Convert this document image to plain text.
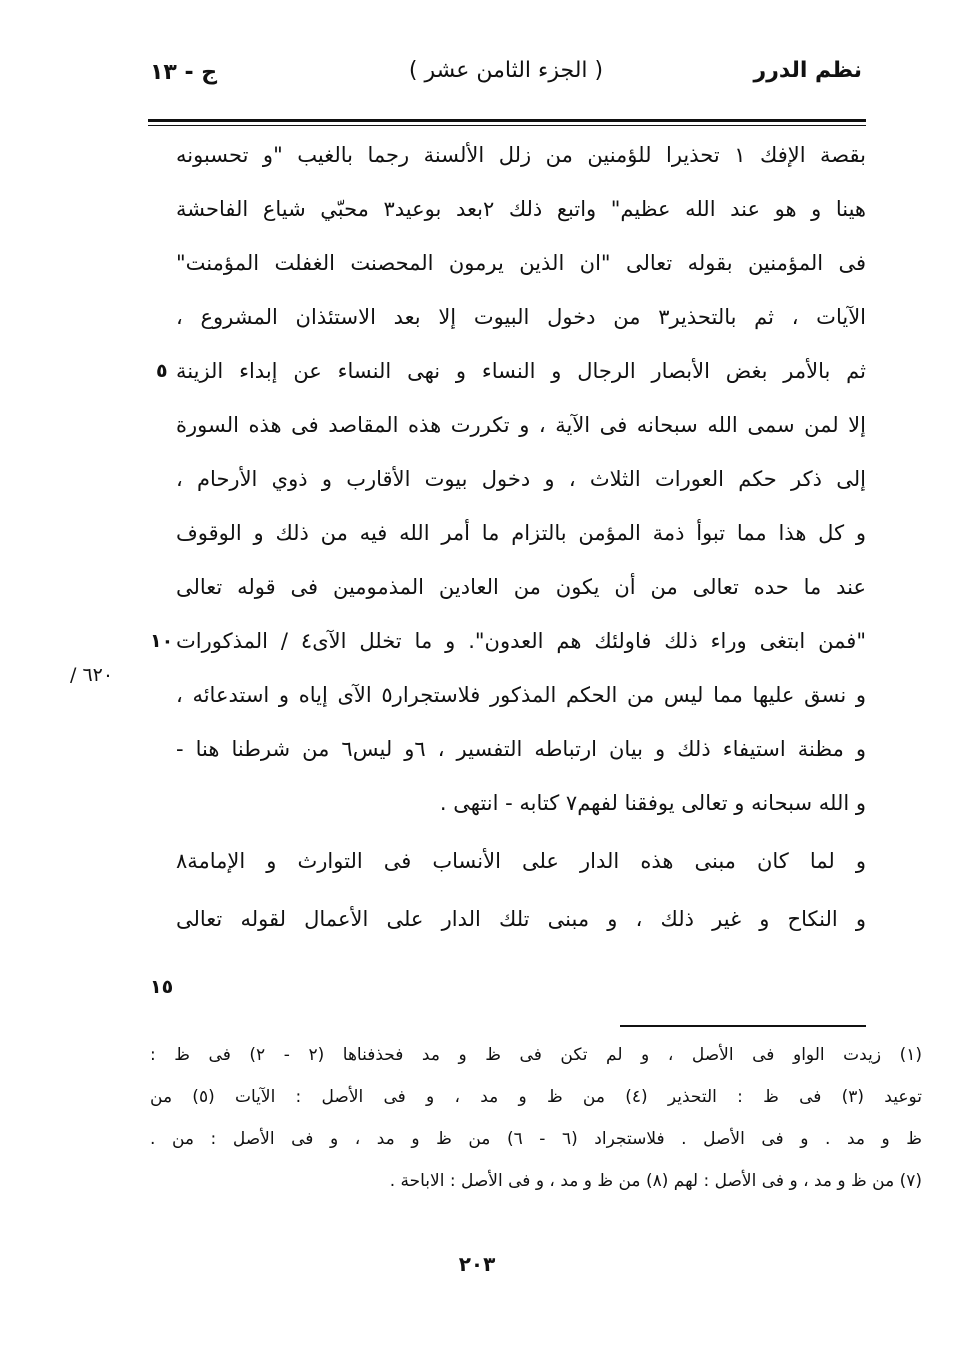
نظم الدرر
( الجزء الثامن عشر )
ج - ١٣
بقصة الإفك ١ تحذيرا للؤمنين من زلل الألسنة رجما بالغيب "و تحسبونه
هينا و هو عند الله عظيم" واتبع ذلك ٢بعد بوعيد٣ محبّي شياع الفاحشة
فى المؤمنين بقوله تعالى "ان الذين يرمون المحصنت الغفلت المؤمنت"
الآيات ، ثم بالتحذير٣ من دخول البيوت إلا بعد الاستئذان المشروع ،
ثم بالأمر بغض الأبصار الرجال و النساء و نهى النساء عن إبداء الزينة
إلا لمن سمى الله سبحانه فى الآية ، و تكررت هذه المقاصد فى هذه السورة
إلى ذكر حكم العورات الثلاث ، و دخول بيوت الأقارب و ذوي الأرحام ،
و كل هذا مما تبوأ ذمة المؤمن بالتزام ما أمر الله فيه من ذلك و الوقوف
عند ما حده تعالى من أن يكون من العادين المذمومين فى قوله تعالى
"فمن ابتغى وراء ذلك فاولئك هم العدون". و ما تخلل الآى٤ / المذكورات
و نسق عليها مما ليس من الحكم المذكور فلاستجرار٥ الآى إياه و استدعائه ،
و مظنة استيفاء ذلك و بيان ارتباطه التفسير ، ٦و ليس٦ من شرطنا هنا -
و الله سبحانه و تعالى يوفقنا لفهم٧ كتابه - انتهى .
و لما كان مبنى هذه الدار على الأنساب فى التوارث و الإمامة٨
و النكاح و غير ذلك ، و مبنى تلك الدار على الأعمال لقوله تعالى
٥
١٠
١٥
٦٢٠ /
(١) زيدت الواو فى الأصل ، و لم تكن فى ظ و مد فحذفناها (٢ - ٢) فى ظ :
توعيد (٣) فى ظ : التحذير (٤) من ظ و مد ، و فى الأصل : الآيات (٥) من
ظ و مد . و فى الأصل . فلاستجراد (٦ - ٦) من ظ و مد ، و فى الأصل : من .
(٧) من ظ و مد ، و فى الأصل : لهم (٨) من ظ و مد ، و فى الأصل : الاباحة .
٢٠٣
